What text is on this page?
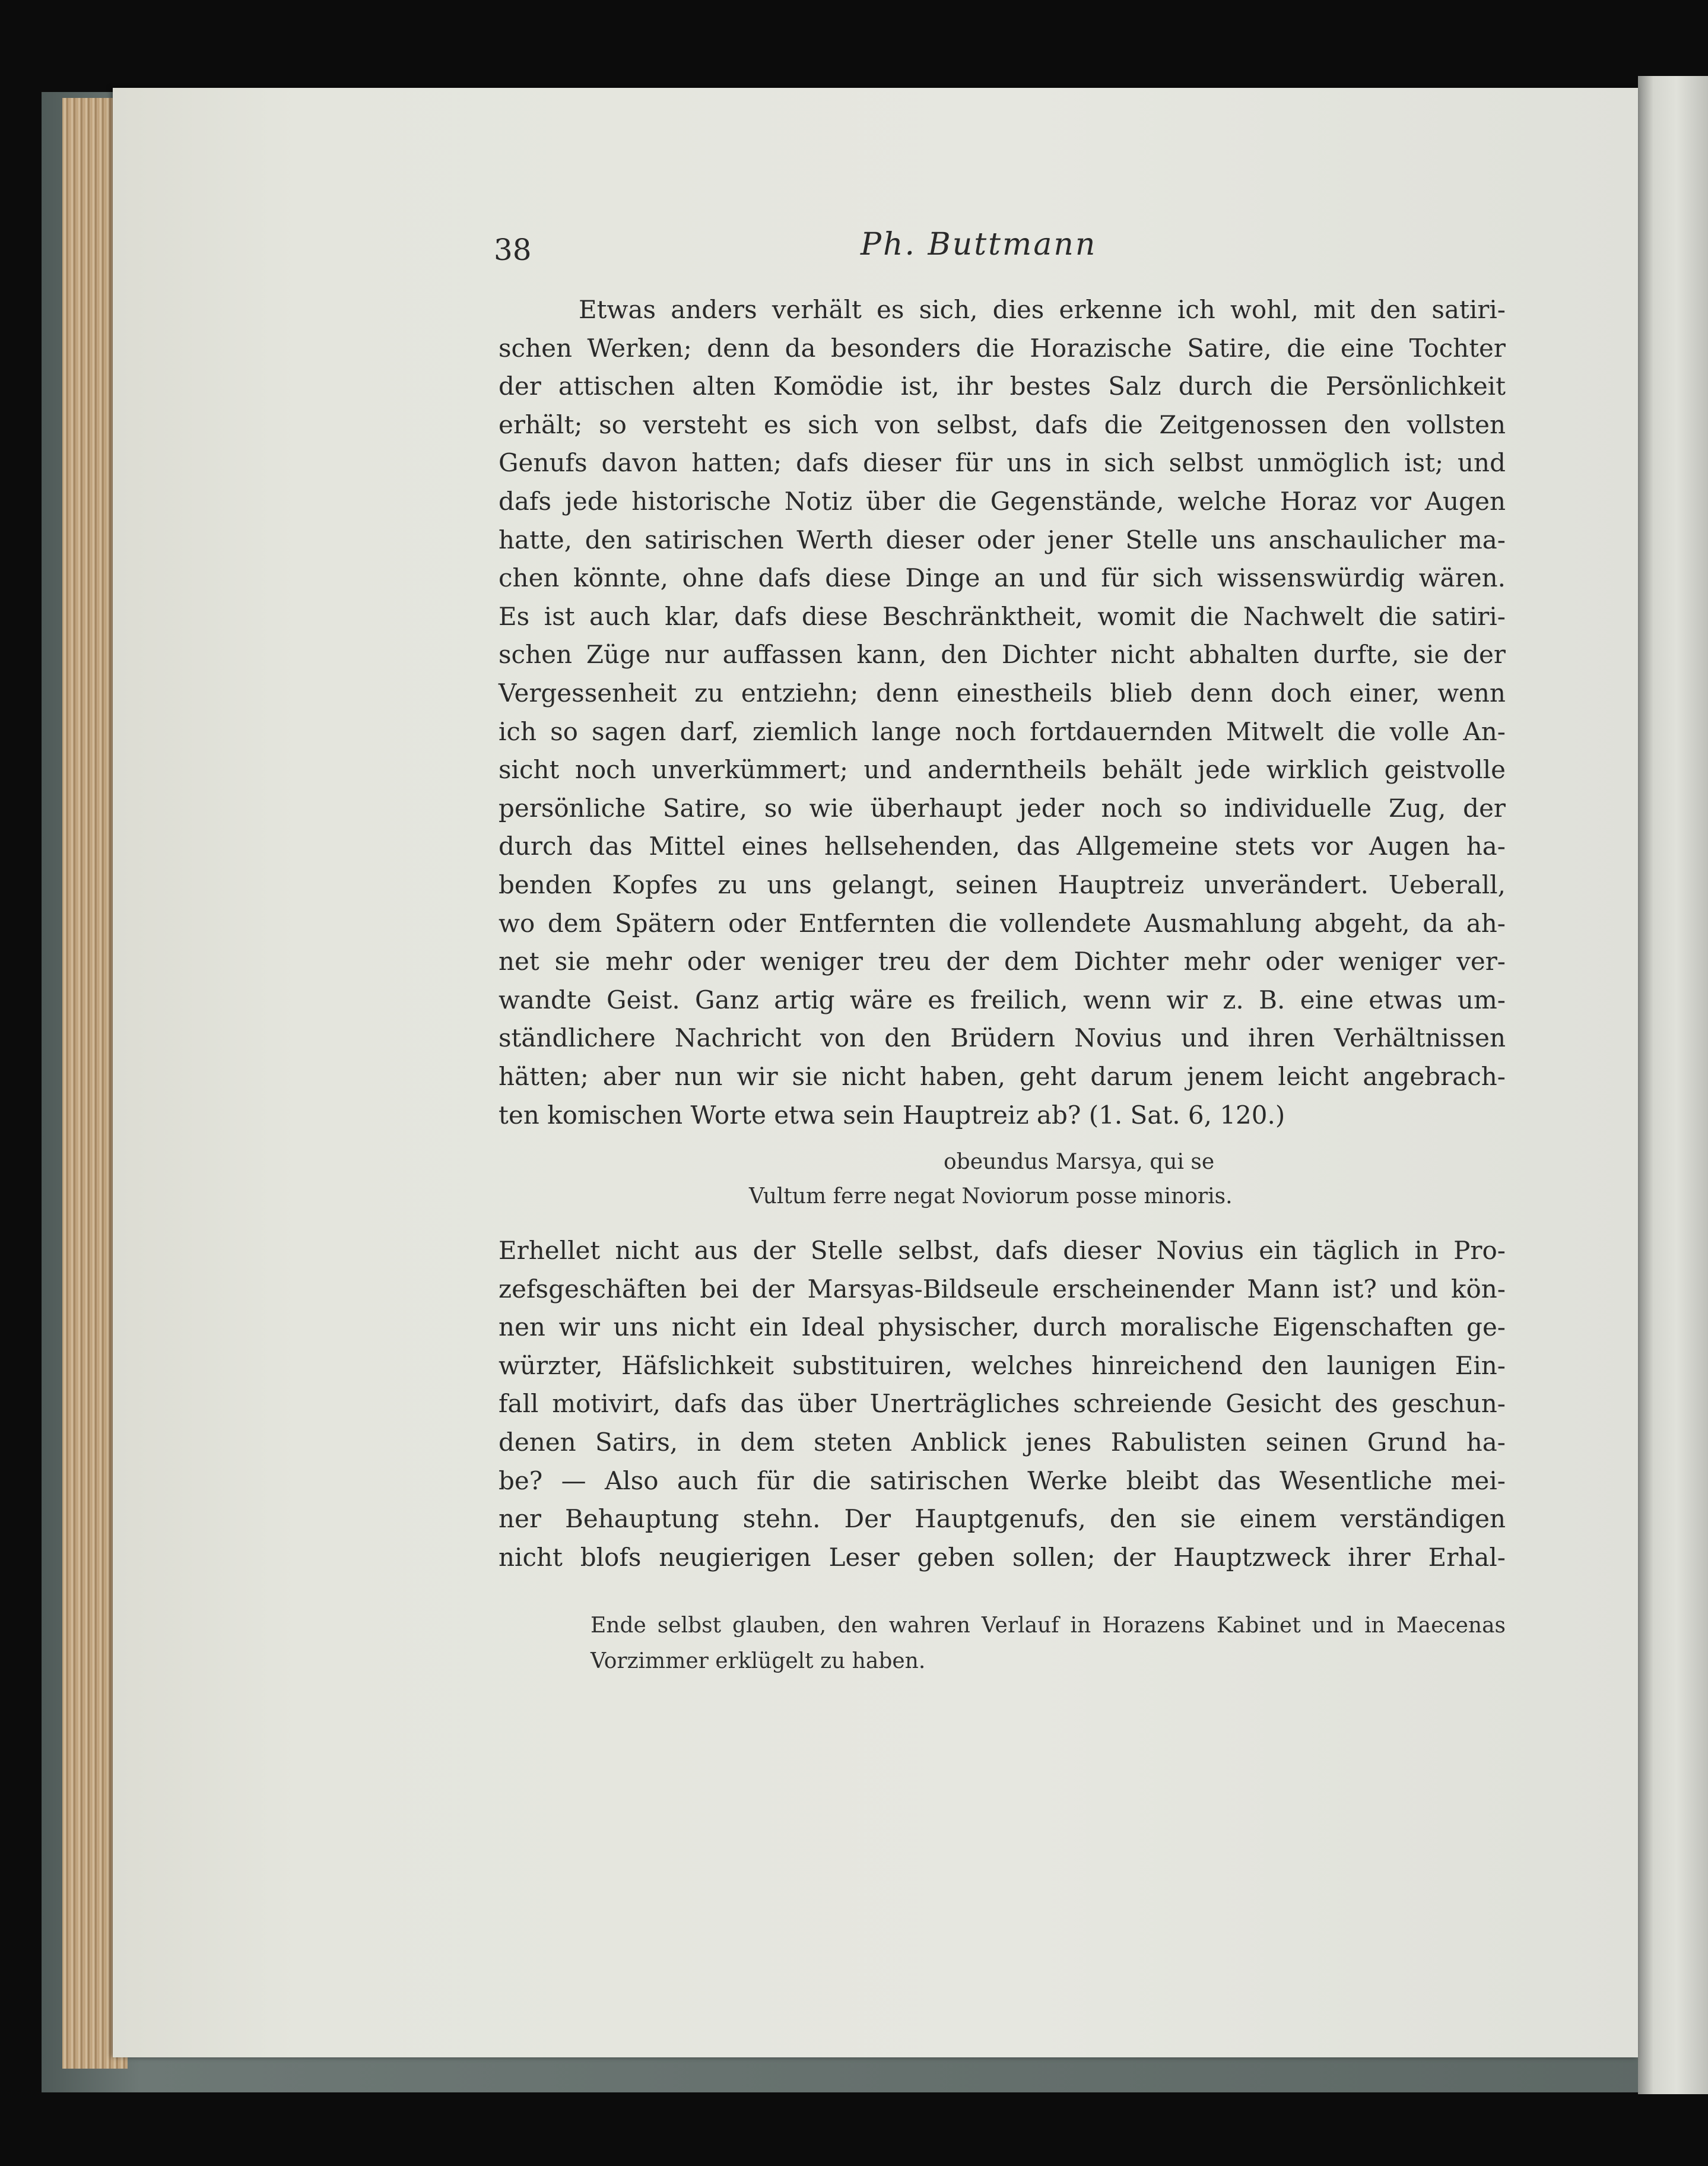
38	Ph. Buttmann
Etwas anders verhält es sich, dies erkenne ich wohl, mit den satiri-
schen Werken; denn da besonders die Horazische Satire, die eine Tochter
der attischen alten Komödie ist, ihr bestes Salz durch die Persönlichkeit
erhält; so versteht es sich von selbst, dafs die Zeitgenossen den vollsten
Genufs davon hatten; dafs dieser für uns in sich selbst unmöglich ist; und
dafs jede historische Notiz über die Gegenstände, welche Horaz vor Augen
hatte, den satirischen Werth dieser oder jener Stelle uns anschaulicher ma-
chen könnte, ohne dafs diese Dinge an und für sich wissenswürdig wären.
Es ist auch klar, dafs diese Beschränktheit, womit die Nachwelt die satiri-
schen Züge nur auffassen kann, den Dichter nicht abhalten durfte, sie der
Vergessenheit zu entziehn; denn einestheils blieb denn doch einer, wenn
ich so sagen darf, ziemlich lange noch fortdauernden Mitwelt die volle An-
sicht noch unverkümmert; und anderntheils behält jede wirklich geistvolle
persönliche Satire, so wie überhaupt jeder noch so individuelle Zug, der
durch das Mittel eines hellsehenden, das Allgemeine stets vor Augen ha-
benden Kopfes zu uns gelangt, seinen Hauptreiz unverändert. Ueberall,
wo dem Spätern oder Entfernten die vollendete Ausmahlung abgeht, da ah-
net sie mehr oder weniger treu der dem Dichter mehr oder weniger ver-
wandte Geist. Ganz artig wäre es freilich, wenn wir z. B. eine etwas um-
ständlichere Nachricht von den Brüdern Novius und ihren Verhältnissen
hätten; aber nun wir sie nicht haben, geht darum jenem leicht angebrach-
ten komischen Worte etwa sein Hauptreiz ab? (1. Sat. 6, 120.)
obeundus Marsya, qui se
Vultum ferre negat Noviorum posse minoris.
Erhellet nicht aus der Stelle selbst, dafs dieser Novius ein täglich in Pro-
zefsgeschäften bei der Marsyas-Bildseule erscheinender Mann ist? und kön-
nen wir uns nicht ein Ideal physischer, durch moralische Eigenschaften ge-
würzter, Häfslichkeit substituiren, welches hinreichend den launigen Ein-
fall motivirt, dafs das über Unerträgliches schreiende Gesicht des geschun-
denen Satirs, in dem steten Anblick jenes Rabulisten seinen Grund ha-
be? — Also auch für die satirischen Werke bleibt das Wesentliche mei-
ner Behauptung stehn. Der Hauptgenufs, den sie einem verständigen
nicht blofs neugierigen Leser geben sollen; der Hauptzweck ihrer Erhal-
Ende selbst glauben, den wahren Verlauf in Horazens Kabinet und in Maecenas
Vorzimmer erklügelt zu haben.
